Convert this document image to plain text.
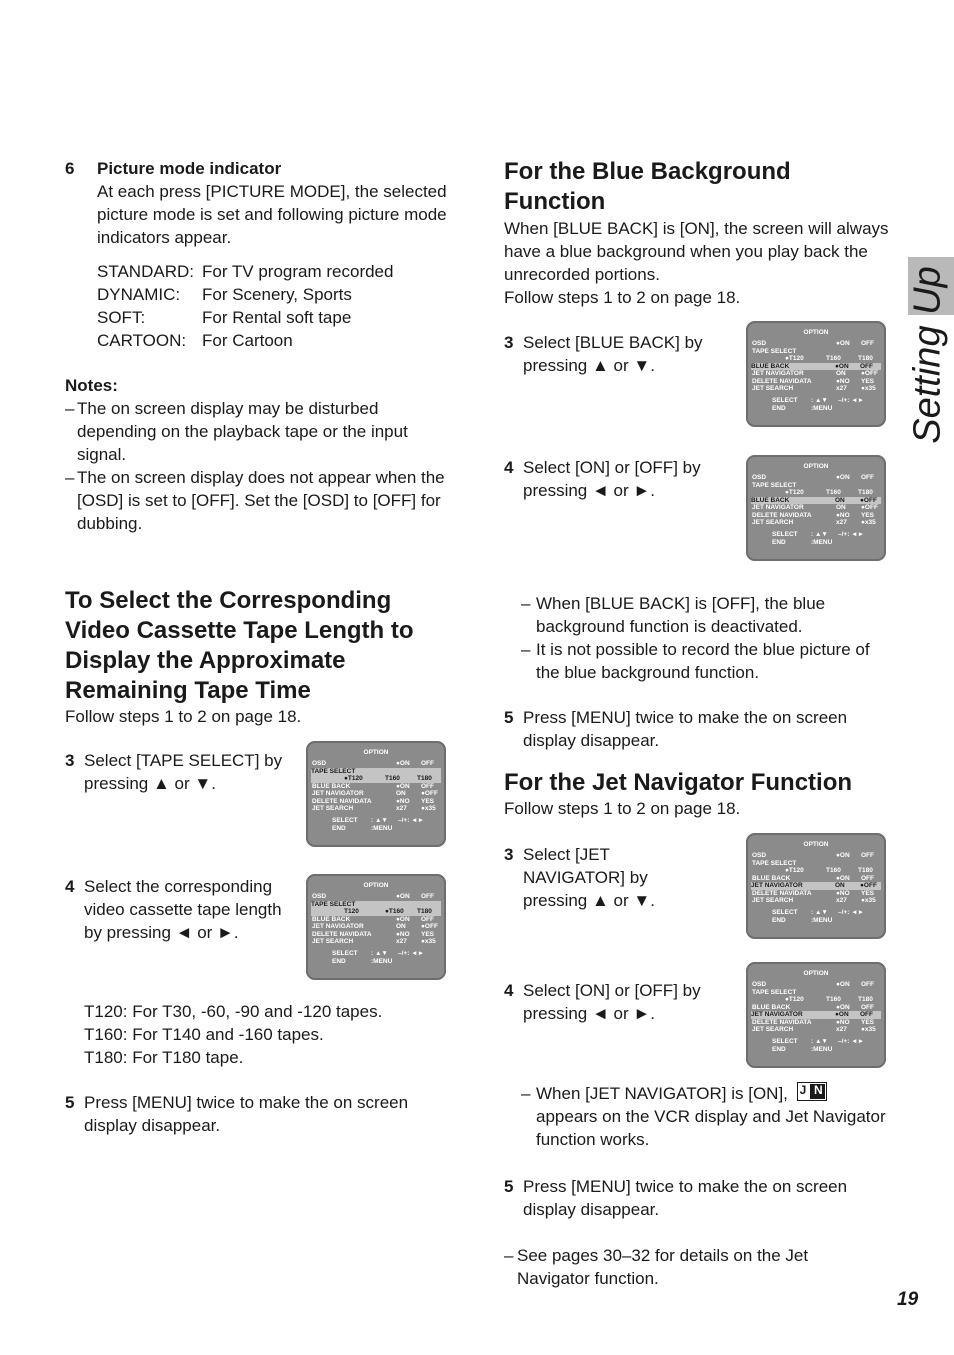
Setting Up
6 Picture mode indicator
At each press [PICTURE MODE], the selected picture mode is set and following picture mode indicators appear.
STANDARD:	For TV program recorded
DYNAMIC:	For Scenery, Sports
SOFT:	For Rental soft tape
CARTOON:	For Cartoon
Notes:
– The on screen display may be disturbed depending on the playback tape or the input signal.
– The on screen display does not appear when the [OSD] is set to [OFF]. Set the [OSD] to [OFF] for dubbing.
To Select the Corresponding Video Cassette Tape Length to Display the Approximate Remaining Tape Time
Follow steps 1 to 2 on page 18.
3 Select [TAPE SELECT] by pressing ▲ or ▼.
4 Select the corresponding video cassette tape length by pressing ◄ or ►.
T120: For T30, -60, -90 and -120 tapes.
T160: For T140 and -160 tapes.
T180: For T180 tape.
5 Press [MENU] twice to make the on screen display disappear.
For the Blue Background Function
When [BLUE BACK] is [ON], the screen will always have a blue background when you play back the unrecorded portions.
Follow steps 1 to 2 on page 18.
3 Select [BLUE BACK] by pressing ▲ or ▼.
4 Select [ON] or [OFF] by pressing ◄ or ►.
– When [BLUE BACK] is [OFF], the blue background function is deactivated.
– It is not possible to record the blue picture of the blue background function.
5 Press [MENU] twice to make the on screen display disappear.
For the Jet Navigator Function
Follow steps 1 to 2 on page 18.
3 Select [JET NAVIGATOR] by pressing ▲ or ▼.
4 Select [ON] or [OFF] by pressing ◄ or ►.
– When [JET NAVIGATOR] is [ON], J N
appears on the VCR display and Jet Navigator function works.
5 Press [MENU] twice to make the on screen display disappear.
– See pages 30–32 for details on the Jet Navigator function.
19
OPTION
OSD	●ON OFF
TAPE SELECT
●T120	T160	T180
BLUE BACK	●ON OFF
JET NAVIGATOR	ON ●OFF
DELETE NAVIDATA	●NO YES
JET SEARCH	x27 ●x35
SELECT : ▲▼ –/+: ◄►
END	:MENU
OPTION
OSD	●ON OFF
TAPE SELECT
T120	●T160 T180
BLUE BACK	●ON OFF
JET NAVIGATOR	ON ●OFF
DELETE NAVIDATA	●NO YES
JET SEARCH	x27 ●x35
SELECT : ▲▼ –/+: ◄►
END	:MENU
OPTION
OSD	●ON OFF
TAPE SELECT
●T120	T160	T180
BLUE BACK	●ON OFF
JET NAVIGATOR	ON ●OFF
DELETE NAVIDATA	●NO YES
JET SEARCH	x27 ●x35
SELECT : ▲▼ –/+: ◄►
END	:MENU
OPTION
OSD	●ON OFF
TAPE SELECT
●T120	T160	T180
BLUE BACK	ON ●OFF
JET NAVIGATOR	ON ●OFF
DELETE NAVIDATA	●NO YES
JET SEARCH	x27 ●x35
SELECT : ▲▼ –/+: ◄►
END	:MENU
OPTION
OSD	●ON OFF
TAPE SELECT
●T120	T160	T180
BLUE BACK	●ON OFF
JET NAVIGATOR	ON ●OFF
DELETE NAVIDATA	●NO YES
JET SEARCH	x27 ●x35
SELECT : ▲▼ –/+: ◄►
END	:MENU
OPTION
OSD	●ON OFF
TAPE SELECT
●T120	T160	T180
BLUE BACK	●ON OFF
JET NAVIGATOR	●ON OFF
DELETE NAVIDATA	●NO YES
JET SEARCH	x27 ●x35
SELECT : ▲▼ –/+: ◄►
END	:MENU
